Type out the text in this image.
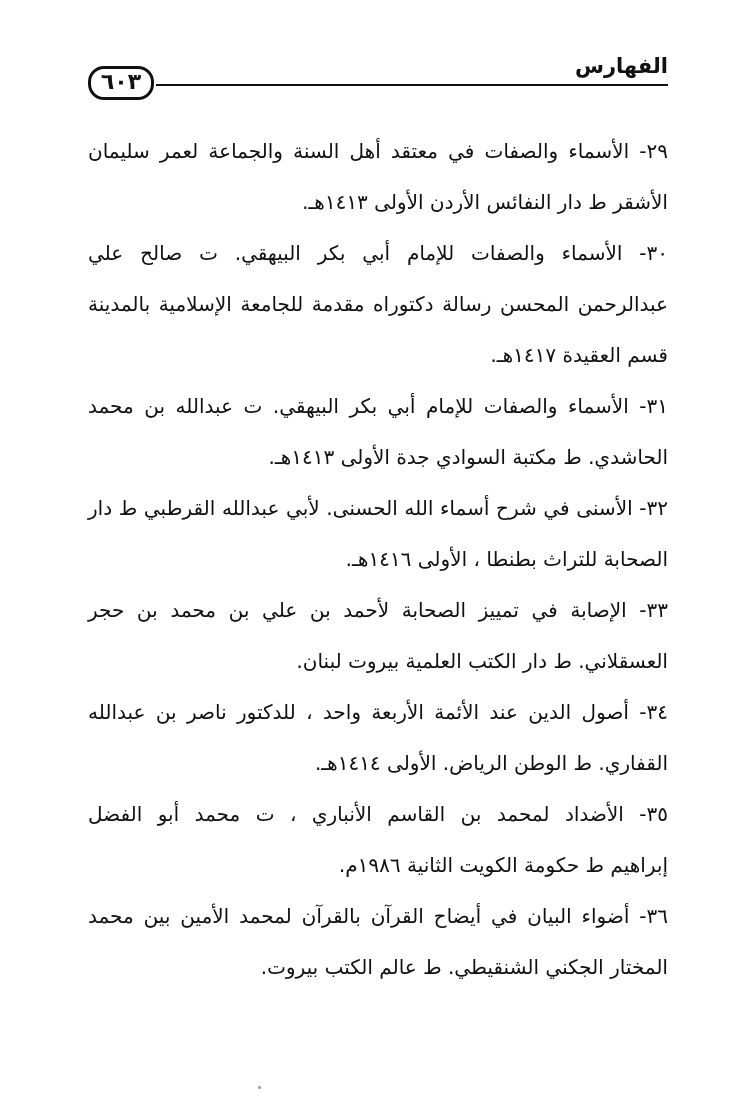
٦٠٣
الفهارس
٢٩- الأسماء والصفات في معتقد أهل السنة والجماعة لعمر سليمان
الأشقر ط دار النفائس الأردن الأولى ١٤١٣هـ.
٣٠- الأسماء والصفات للإمام أبي بكر البيهقي. ت صالح علي
عبدالرحمن المحسن رسالة دكتوراه مقدمة للجامعة الإسلامية بالمدينة
قسم العقيدة ١٤١٧هـ.
٣١- الأسماء والصفات للإمام أبي بكر البيهقي. ت عبدالله بن محمد
الحاشدي. ط مكتبة السوادي جدة الأولى ١٤١٣هـ.
٣٢- الأسنى في شرح أسماء الله الحسنى. لأبي عبدالله القرطبي ط دار
الصحابة للتراث بطنطا ، الأولى ١٤١٦هـ.
٣٣- الإصابة في تمييز الصحابة لأحمد بن علي بن محمد بن حجر
العسقلاني. ط دار الكتب العلمية بيروت لبنان.
٣٤- أصول الدين عند الأئمة الأربعة واحد ، للدكتور ناصر بن عبدالله
القفاري. ط الوطن الرياض. الأولى ١٤١٤هـ.
٣٥- الأضداد لمحمد بن القاسم الأنباري ، ت محمد أبو الفضل
إبراهيم ط حكومة الكويت الثانية ١٩٨٦م.
٣٦- أضواء البيان في أيضاح القرآن بالقرآن لمحمد الأمين بين محمد
المختار الجكني الشنقيطي. ط عالم الكتب بيروت.
